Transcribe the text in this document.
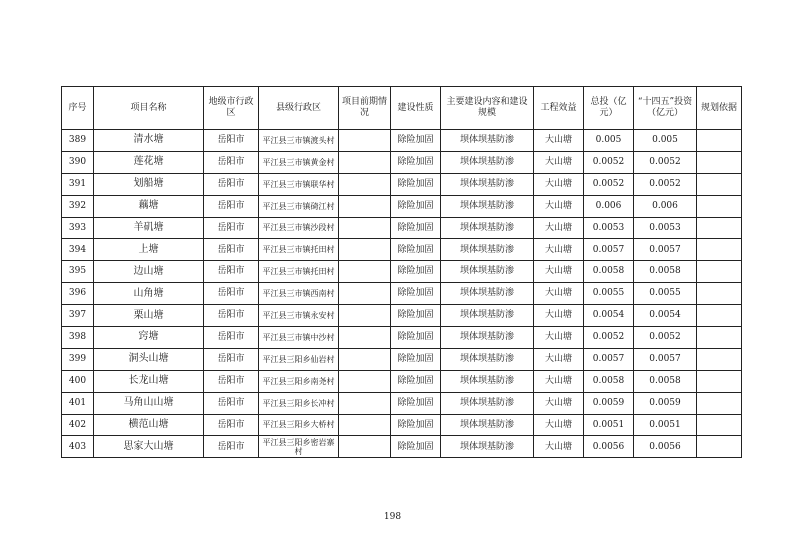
序号	项目名称	地级市行政区	县级行政区	项目前期情况	建设性质	主要建设内容和建设规模	工程效益	总投（亿元）	“十四五”投资（亿元）	规划依据
389	清水塘	岳阳市	平江县三市镇渡头村		除险加固	坝体坝基防渗	大山塘	0.005	0.005	
390	莲花塘	岳阳市	平江县三市镇黄金村		除险加固	坝体坝基防渗	大山塘	0.0052	0.0052	
391	划船塘	岳阳市	平江县三市镇联华村		除险加固	坝体坝基防渗	大山塘	0.0052	0.0052	
392	藕塘	岳阳市	平江县三市镇碕江村		除险加固	坝体坝基防渗	大山塘	0.006	0.006	
393	羊矶塘	岳阳市	平江县三市镇沙段村		除险加固	坝体坝基防渗	大山塘	0.0053	0.0053	
394	上塘	岳阳市	平江县三市镇托田村		除险加固	坝体坝基防渗	大山塘	0.0057	0.0057	
395	边山塘	岳阳市	平江县三市镇托田村		除险加固	坝体坝基防渗	大山塘	0.0058	0.0058	
396	山角塘	岳阳市	平江县三市镇西南村		除险加固	坝体坝基防渗	大山塘	0.0055	0.0055	
397	栗山塘	岳阳市	平江县三市镇永安村		除险加固	坝体坝基防渗	大山塘	0.0054	0.0054	
398	窍塘	岳阳市	平江县三市镇中沙村		除险加固	坝体坝基防渗	大山塘	0.0052	0.0052	
399	洞头山塘	岳阳市	平江县三阳乡仙岩村		除险加固	坝体坝基防渗	大山塘	0.0057	0.0057	
400	长龙山塘	岳阳市	平江县三阳乡南尧村		除险加固	坝体坝基防渗	大山塘	0.0058	0.0058	
401	马角山山塘	岳阳市	平江县三阳乡长冲村		除险加固	坝体坝基防渗	大山塘	0.0059	0.0059	
402	横范山塘	岳阳市	平江县三阳乡大桥村		除险加固	坝体坝基防渗	大山塘	0.0051	0.0051	
403	思家大山塘	岳阳市	平江县三阳乡密岩寨村		除险加固	坝体坝基防渗	大山塘	0.0056	0.0056	
198
